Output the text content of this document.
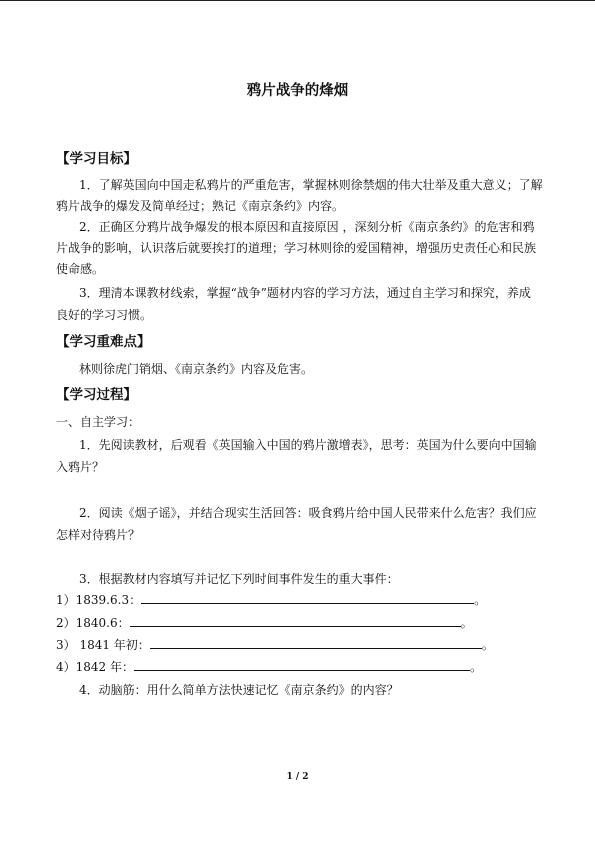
鸦片战争的烽烟
【学习目标】
1．了解英国向中国走私鸦片的严重危害，掌握林则徐禁烟的伟大壮举及重大意义；了解
鸦片战争的爆发及简单经过；熟记《南京条约》内容。
2．正确区分鸦片战争爆发的根本原因和直接原因 ，深刻分析《南京条约》的危害和鸦
片战争的影响，认识落后就要挨打的道理；学习林则徐的爱国精神，增强历史责任心和民族
使命感。
3．理清本课教材线索，掌握“战争”题材内容的学习方法，通过自主学习和探究，养成
良好的学习习惯。
【学习重难点】
林则徐虎门销烟、《南京条约》内容及危害。
【学习过程】
一、自主学习：
1．先阅读教材，后观看《英国输入中国的鸦片激增表》，思考：英国为什么要向中国输
入鸦片？
2．阅读《烟子谣》，并结合现实生活回答：吸食鸦片给中国人民带来什么危害？我们应
怎样对待鸦片？
3．根据教材内容填写并记忆下列时间事件发生的重大事件：
1）1839.6.3：	。
2）1840.6：	。
3） 1841 年初：	。
4）1842 年：	。
4．动脑筋：用什么简单方法快速记忆《南京条约》的内容？
1 / 2
